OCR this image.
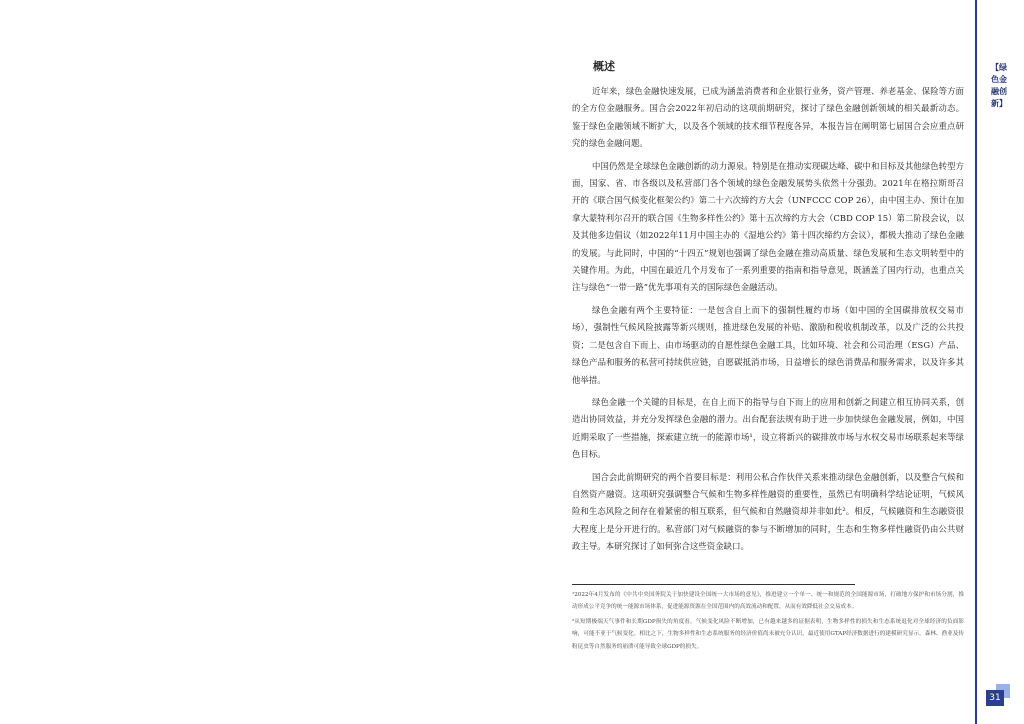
【绿色金融创新】
概述

近年来，绿色金融快速发展，已成为涵盖消费者和企业银行业务，资产管理、养老基金、保险等方面的全方位金融服务。国合会2022年初启动的这项前期研究，探讨了绿色金融创新领域的相关最新动态。鉴于绿色金融领域不断扩大，以及各个领域的技术细节程度各异，本报告旨在阐明第七届国合会应重点研究的绿色金融问题。

中国仍然是全球绿色金融创新的动力源泉。特别是在推动实现碳达峰、碳中和目标及其他绿色转型方面，国家、省、市各级以及私营部门各个领域的绿色金融发展势头依然十分强劲。2021年在格拉斯哥召开的《联合国气候变化框架公约》第二十六次缔约方大会（UNFCCC COP 26），由中国主办、预计在加拿大蒙特利尔召开的联合国《生物多样性公约》第十五次缔约方大会（CBD COP 15）第二阶段会议，以及其他多边倡议（如2022年11月中国主办的《湿地公约》第十四次缔约方会议），都极大推动了绿色金融的发展。与此同时，中国的“十四五”规划也强调了绿色金融在推动高质量、绿色发展和生态文明转型中的关键作用。为此，中国在最近几个月发布了一系列重要的指南和指导意见，既涵盖了国内行动，也重点关注与绿色“一带一路”优先事项有关的国际绿色金融活动。

绿色金融有两个主要特征：一是包含自上而下的强制性履约市场（如中国的全国碳排放权交易市场），强制性气候风险披露等新兴规则，推进绿色发展的补贴、激励和税收机制改革，以及广泛的公共投资；二是包含自下而上、由市场驱动的自愿性绿色金融工具，比如环境、社会和公司治理（ESG）产品、绿色产品和服务的私营可持续供应链，自愿碳抵消市场，日益增长的绿色消费品和服务需求，以及许多其他举措。

绿色金融一个关键的目标是，在自上而下的指导与自下而上的应用和创新之间建立相互协同关系，创造出协同效益，并充分发挥绿色金融的潜力。出台配套法规有助于进一步加快绿色金融发展，例如，中国近期采取了一些措施，探索建立统一的能源市场¹，设立将新兴的碳排放市场与水权交易市场联系起来等绿色目标。

国合会此前期研究的两个首要目标是：利用公私合作伙伴关系来推动绿色金融创新，以及整合气候和自然资产融资。这项研究强调整合气候和生物多样性融资的重要性，虽然已有明确科学结论证明，气候风险和生态风险之间存在着紧密的相互联系，但气候和自然融资却并非如此²。相反，气候融资和生态融资很大程度上是分开进行的。私营部门对气候融资的参与不断增加的同时，生态和生物多样性融资仍由公共财政主导。本研究探讨了如何弥合这些资金缺口。

¹2022年4月发布的《中共中央国务院关于加快建设全国统一大市场的意见》，推进建立一个单一、统一和规范的全国能源市场，打破地方保护和市场分割，推动形成公平竞争的统一能源市场体系，促进能源资源在全国范围内的高效流动和配置，从而有效降低社会交易成本。

²从短期极端天气事件和长期GDP损失的角度看，气候变化风险不断增加，已有越来越多的证据表明，生物多样性的损失和生态系统退化对全球经济的负面影响，可能不亚于气候变化。相比之下，生物多样性和生态系统服务的经济价值尚未被充分认识，最近使用GTAP经济数据进行的建模研究显示，森林、渔业及传粉昆虫等自然服务的崩溃可能导致全球GDP的损失。

31
